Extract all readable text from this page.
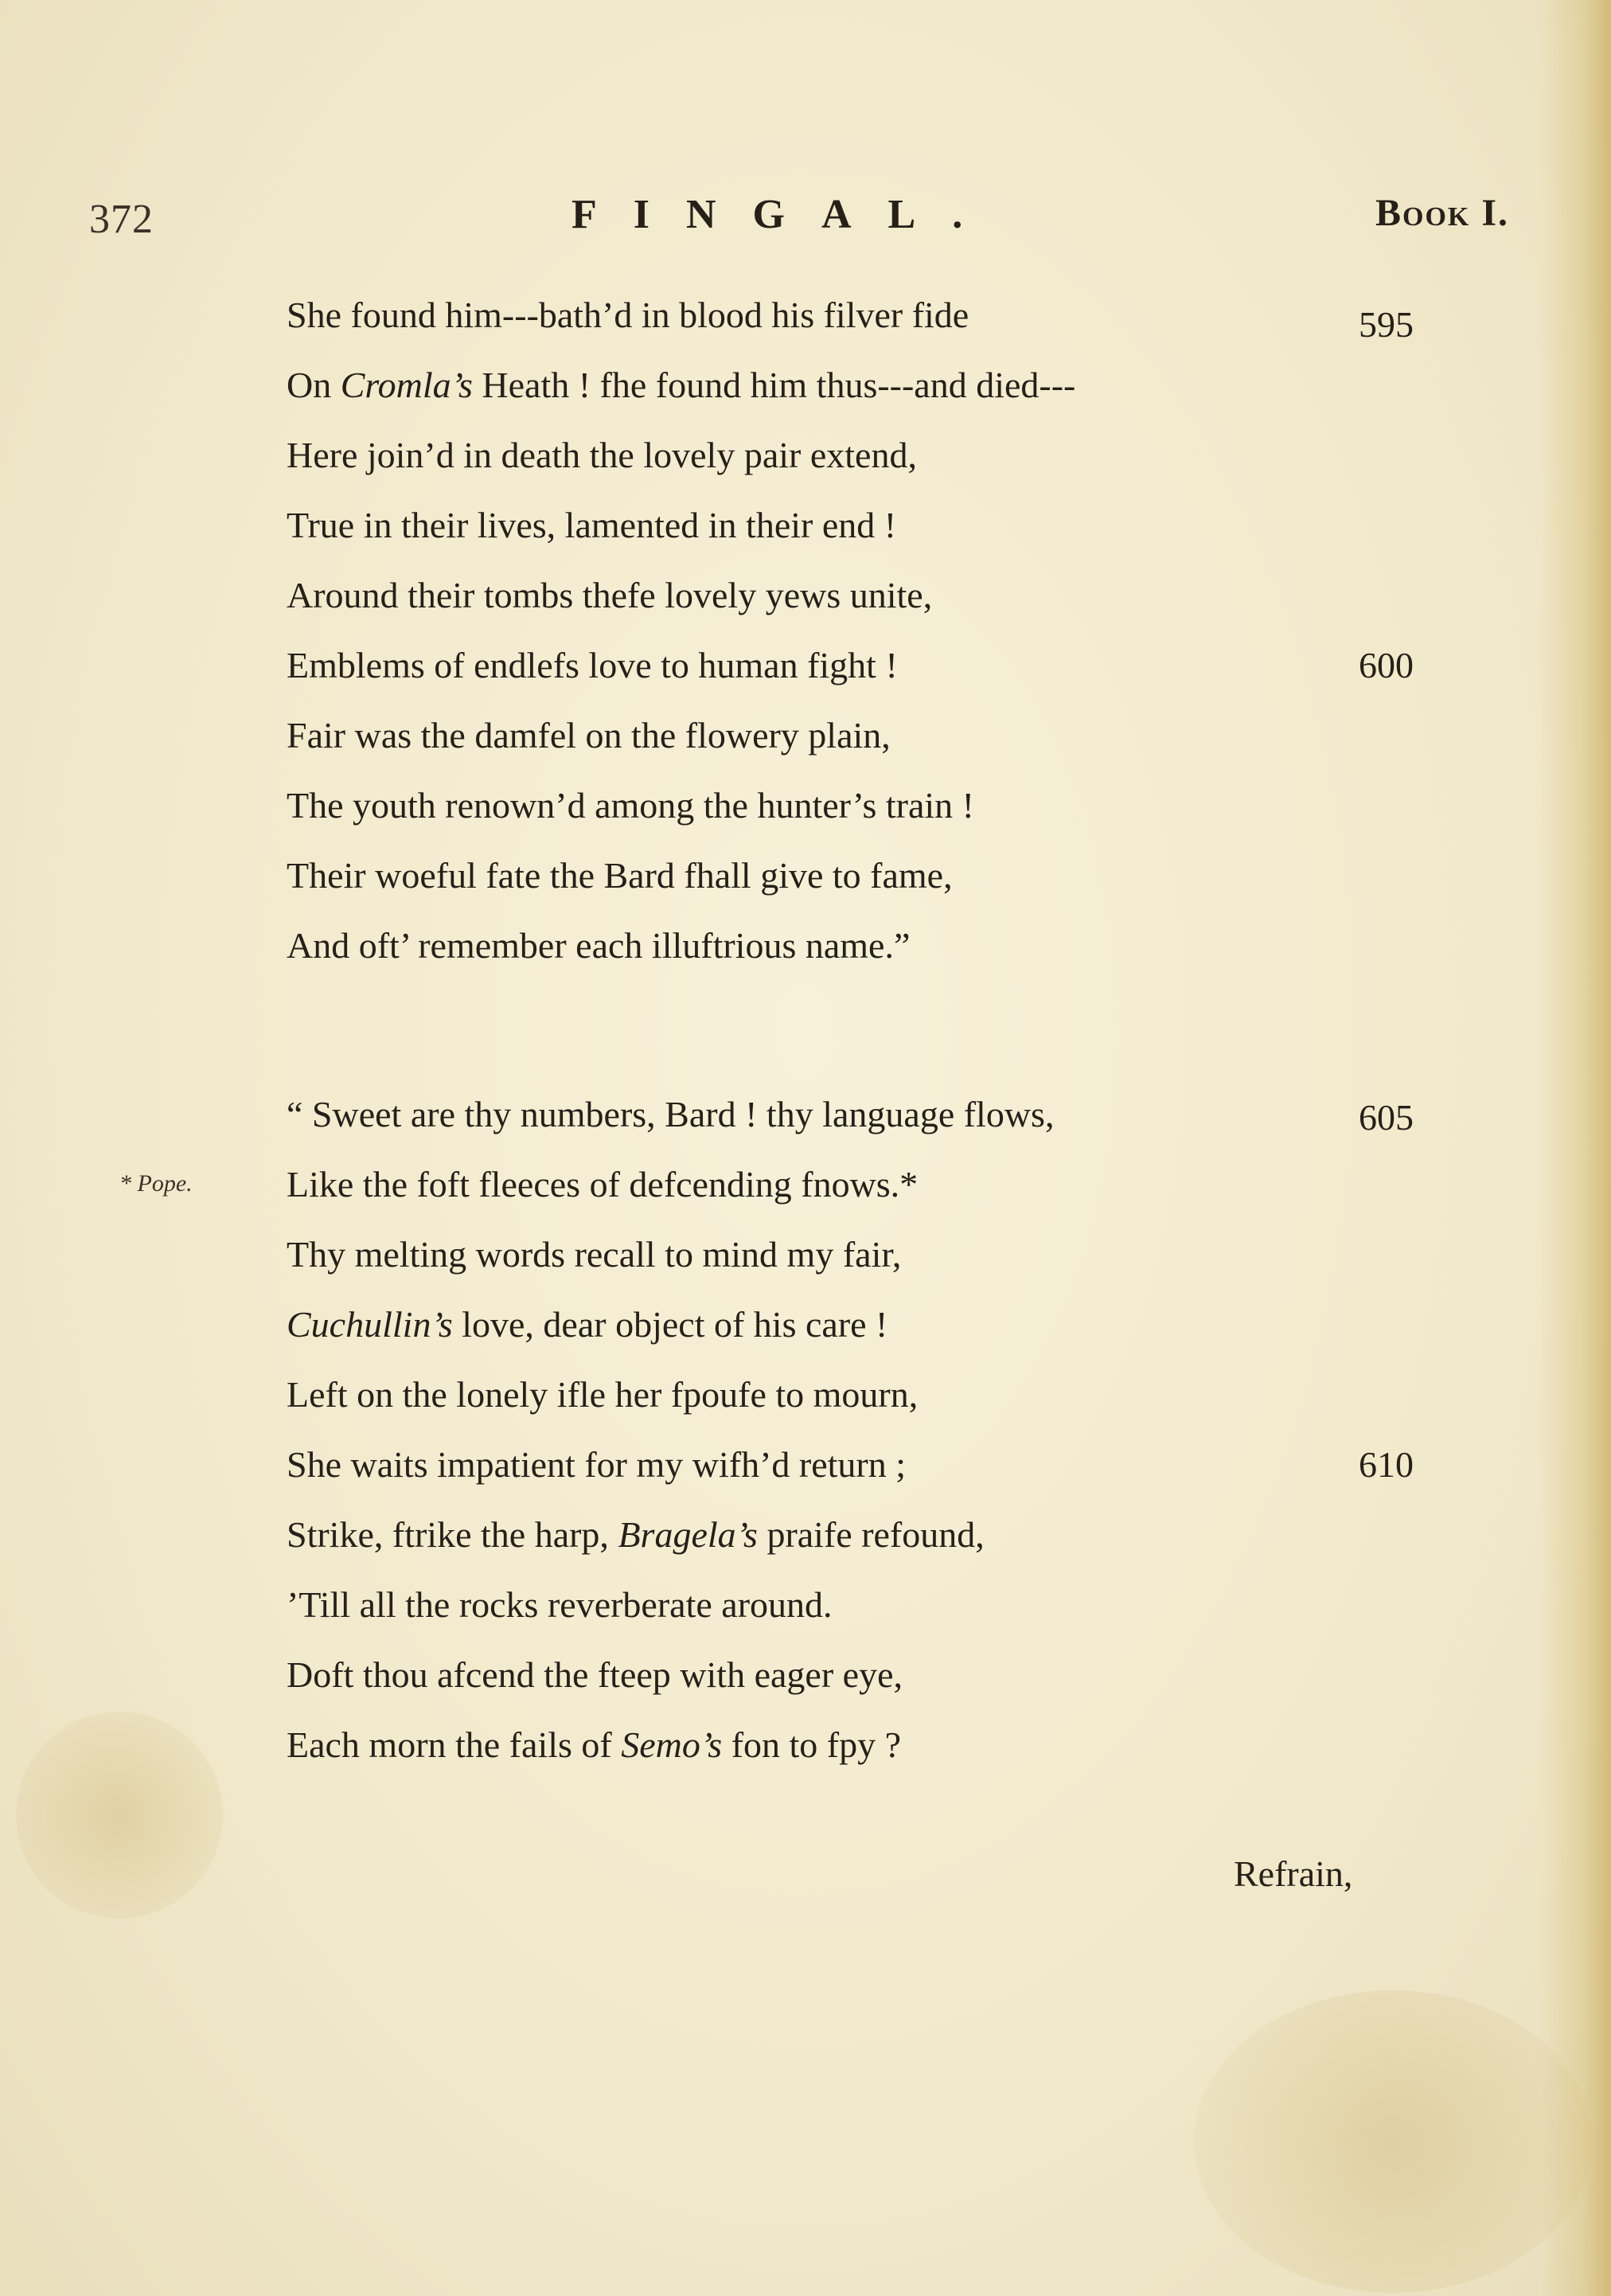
372	FINGAL.	Book I.
She found him---bath’d in blood his filver fide
On Cromla’s Heath ! fhe found him thus---and died---
Here join’d in death the lovely pair extend,
True in their lives, lamented in their end !
Around their tombs thefe lovely yews unite,
Emblems of endlefs love to human fight !
Fair was the damfel on the flowery plain,
The youth renown’d among the hunter’s train !
Their woeful fate the Bard fhall give to fame,
And oft’ remember each illuftrious name.”
“ Sweet are thy numbers, Bard ! thy language flows,
Like the foft fleeces of defcending fnows.*
Thy melting words recall to mind my fair,
Cuchullin’s love, dear object of his care !
Left on the lonely ifle her fpoufe to mourn,
She waits impatient for my wifh’d return ;
Strike, ftrike the harp, Bragela’s praife refound,
’Till all the rocks reverberate around.
Doft thou afcend the fteep with eager eye,
Each morn the fails of Semo’s fon to fpy ?
595
600
605
610
* Pope.
Refrain,
